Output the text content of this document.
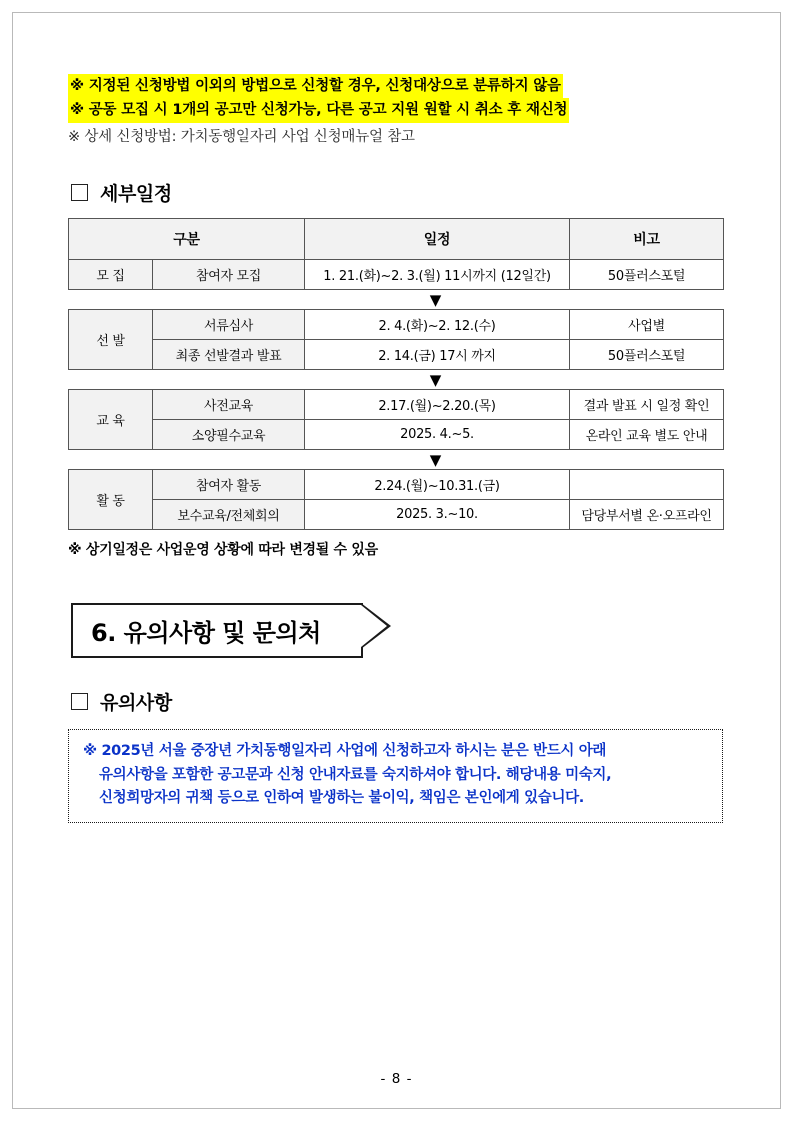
※ 지정된 신청방법 이외의 방법으로 신청할 경우, 신청대상으로 분류하지 않음
※ 공동 모집 시 1개의 공고만 신청가능, 다른 공고 지원 원할 시 취소 후 재신청
※ 상세 신청방법: 가치동행일자리 사업 신청매뉴얼 참고
세부일정
구분		일정	비고
모 집	참여자 모집	1. 21.(화)~2. 3.(월) 11시까지 (12일간)	50플러스포털
▼
선 발	서류심사	2. 4.(화)~2. 12.(수)	사업별
	최종 선발결과 발표	2. 14.(금) 17시 까지	50플러스포털
▼
교 육	사전교육	2.17.(월)~2.20.(목)	결과 발표 시 일정 확인
	소양필수교육	2025. 4.~5.	온라인 교육 별도 안내
▼
활 동	참여자 활동	2.24.(월)~10.31.(금)	
	보수교육/전체회의	2025. 3.~10.	담당부서별 온·오프라인
※ 상기일정은 사업운영 상황에 따라 변경될 수 있음
6. 유의사항 및 문의처
유의사항

※ 2025년 서울 중장년 가치동행일자리 사업에 신청하고자 하시는 분은 반드시 아래

유의사항을 포함한 공고문과 신청 안내자료를 숙지하셔야 합니다. 해당내용 미숙지,

신청희망자의 귀책 등으로 인하여 발생하는 불이익, 책임은 본인에게 있습니다.

- 8 -
